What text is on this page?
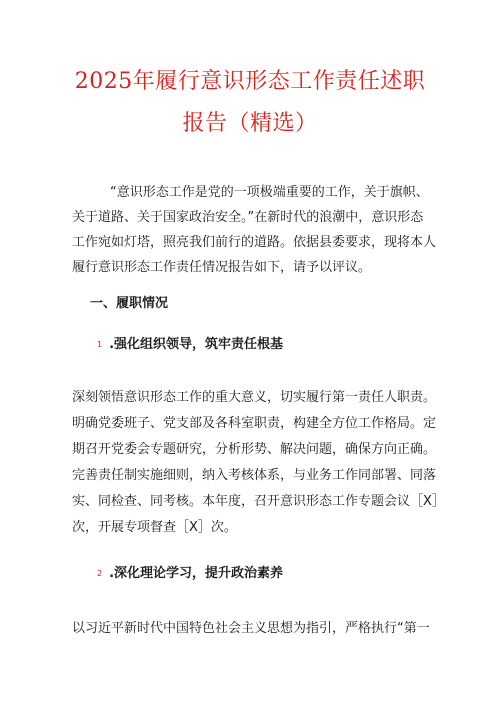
2025年履行意识形态工作责任述职
报告（精选）
“意识形态工作是党的一项极端重要的工作，关于旗帜、
关于道路、关于国家政治安全。”在新时代的浪潮中，意识形态
工作宛如灯塔，照亮我们前行的道路。依据县委要求，现将本人
履行意识形态工作责任情况报告如下，请予以评议。
一、履职情况
1 .强化组织领导，筑牢责任根基
深刻领悟意识形态工作的重大意义，切实履行第一责任人职责。
明确党委班子、党支部及各科室职责，构建全方位工作格局。定
期召开党委会专题研究，分析形势、解决问题，确保方向正确。
完善责任制实施细则，纳入考核体系，与业务工作同部署、同落
实、同检查、同考核。本年度，召开意识形态工作专题会议［X］
次，开展专项督查［X］次。
2 .深化理论学习，提升政治素养
以习近平新时代中国特色社会主义思想为指引，严格执行“第一
